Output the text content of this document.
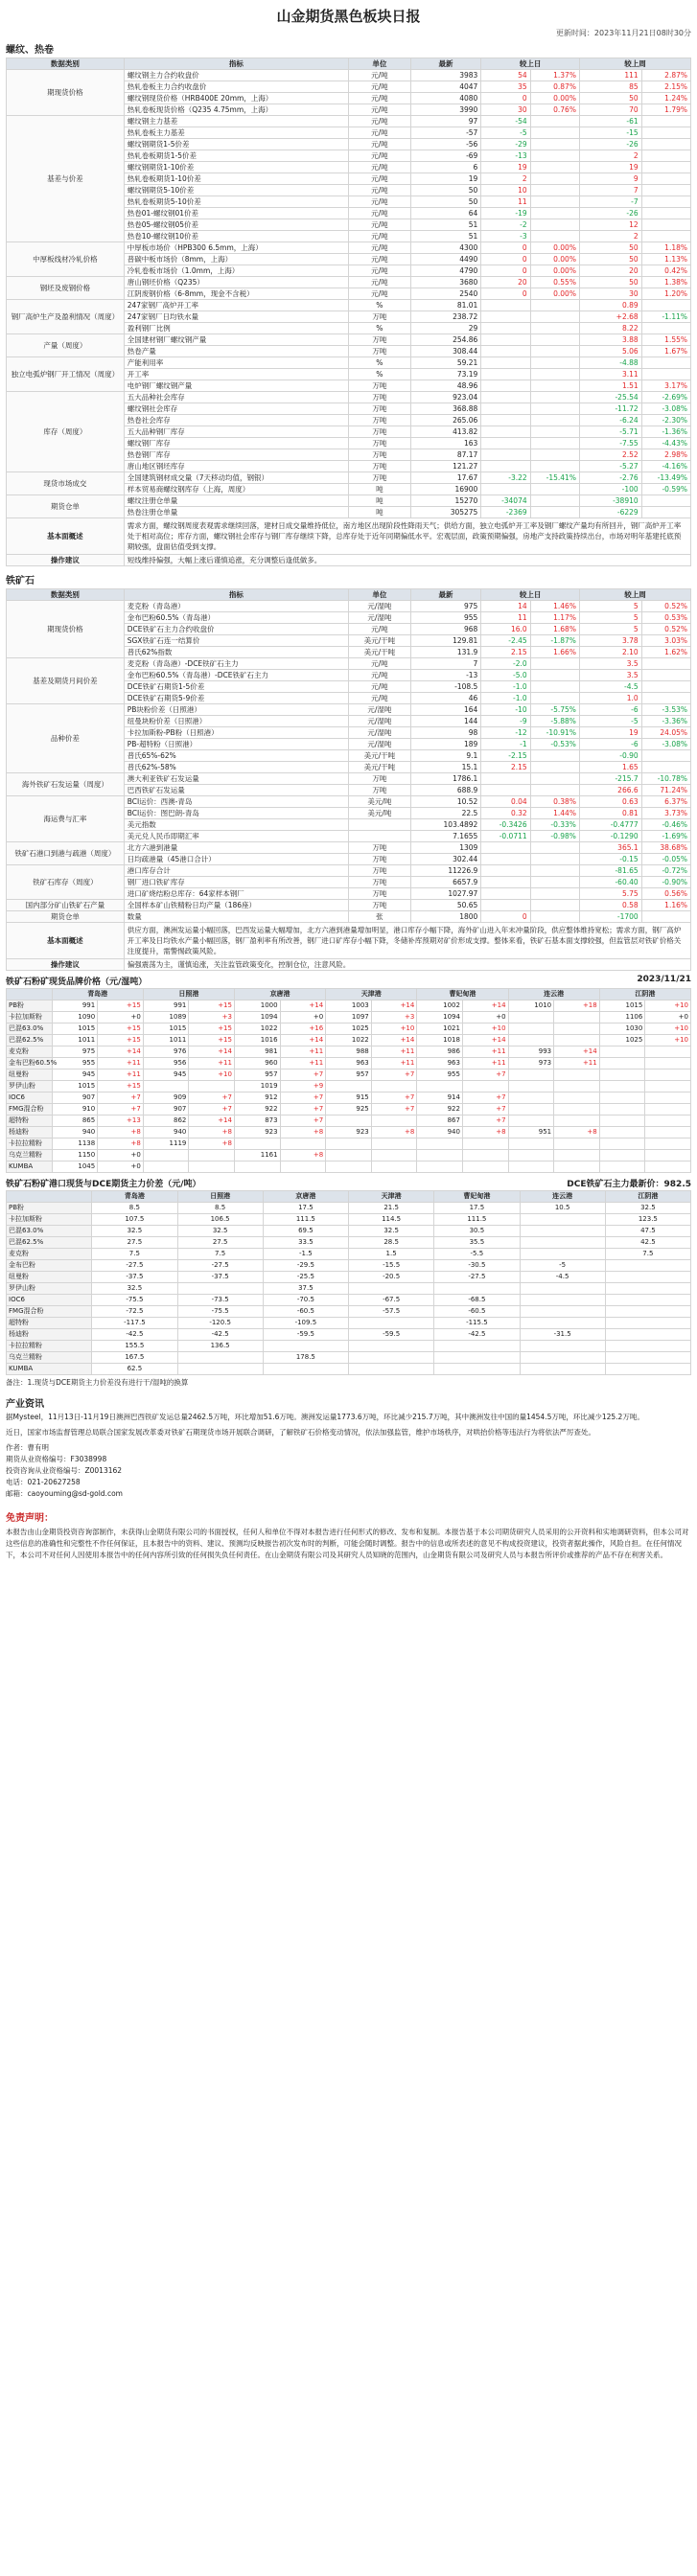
山金期货黑色板块日报
更新时间：2023年11月21日08时30分
螺纹、热卷
数据类别	指标	单位	最新	较上日		较上周	
期现货价格	螺纹钢主力合约收盘价	元/吨	3983	54	1.37%	111	2.87%
	热轧卷板主力合约收盘价	元/吨	4047	35	0.87%	85	2.15%
	螺纹钢现货价格（HRB400E 20mm，上海）	元/吨	4080	0	0.00%	50	1.24%
	热轧卷板现货价格（Q235 4.75mm，上海）	元/吨	3990	30	0.76%	70	1.79%
基差与价差	螺纹钢主力基差	元/吨	97	-54		-61	
	热轧卷板主力基差	元/吨	-57	-5		-15	
	螺纹钢期货1-5价差	元/吨	-56	-29		-26	
	热轧卷板期货1-5价差	元/吨	-69	-13		2	
	螺纹钢期货1-10价差	元/吨	6	19		19	
	热轧卷板期货1-10价差	元/吨	19	2		9	
	螺纹钢期货5-10价差	元/吨	50	10		7	
	热轧卷板期货5-10价差	元/吨	50	11		-7	
	热卷01-螺纹钢01价差	元/吨	64	-19		-26	
	热卷05-螺纹钢05价差	元/吨	51	-2		12	
	热卷10-螺纹钢10价差	元/吨	51	-3		2	
中厚板线材冷轧价格	中厚板市场价（HPB300 6.5mm，上海）	元/吨	4300	0	0.00%	50	1.18%
	普碳中板市场价（8mm，上海）	元/吨	4490	0	0.00%	50	1.13%
	冷轧卷板市场价（1.0mm，上海）	元/吨	4790	0	0.00%	20	0.42%
钢坯及废钢价格	唐山钢坯价格（Q235）	元/吨	3680	20	0.55%	50	1.38%
	江阴废钢价格（6-8mm，现金不含税）	元/吨	2540	0	0.00%	30	1.20%
钢厂高炉生产及盈利情况（周度）	247家钢厂高炉开工率	%	81.01			0.89	
	247家钢厂日均铁水量	万吨	238.72			+2.68	-1.11%
	盈利钢厂比例	%	29			8.22	
产量（周度）	全国建材钢厂螺纹钢产量	万吨	254.86			3.88	1.55%
	热卷产量	万吨	308.44			5.06	1.67%
独立电弧炉钢厂开工情况（周度）	产能利用率	%	59.21			-4.88	
	开工率	%	73.19			3.11	
	电炉钢厂螺纹钢产量	万吨	48.96			1.51	3.17%
库存（周度）	五大品种社会库存	万吨	923.04			-25.54	-2.69%
	螺纹钢社会库存	万吨	368.88			-11.72	-3.08%
	热卷社会库存	万吨	265.06			-6.24	-2.30%
	五大品种钢厂库存	万吨	413.82			-5.71	-1.36%
	螺纹钢厂库存	万吨	163			-7.55	-4.43%
	热卷钢厂库存	万吨	87.17			2.52	2.98%
	唐山地区钢坯库存	万吨	121.27			-5.27	-4.16%
现货市场成交	全国建筑钢材成交量（7天移动均值，钢银）	万吨	17.67	-3.22	-15.41%	-2.76	-13.49%
	样本贸易商螺纹钢库存（上海，周度）	吨	16900			-100	-0.59%
期货仓单	螺纹注册仓单量	吨	15270	-34074		-38910	
	热卷注册仓单量	吨	305275	-2369		-6229	
基本面概述	需求方面，螺纹钢周度表观需求继续回落，建材日成交量维持低位，南方地区出现阶段性降雨天气；供给方面，独立电弧炉开工率及钢厂螺纹产量均有所回升，钢厂高炉开工率处于相对高位；库存方面，螺纹钢社会库存与钢厂库存继续下降，总库存处于近年同期偏低水平。宏观层面，政策预期偏强，房地产支持政策持续出台，市场对明年基建托底预期较强，盘面估值受到支撑。						
操作建议	短线维持偏强，大幅上涨后谨慎追涨，充分调整后逢低做多。						
铁矿石
数据类别	指标	单位	最新	较上日		较上周	
期现货价格	麦克粉（青岛港）	元/湿吨	975	14	1.46%	5	0.52%
	金布巴粉60.5%（青岛港）	元/湿吨	955	11	1.17%	5	0.53%
	DCE铁矿石主力合约收盘价	元/吨	968	16.0	1.68%	5	0.52%
	SGX铁矿石连一结算价	美元/干吨	129.81	-2.45	-1.87%	3.78	3.03%
	普氏62%指数	美元/干吨	131.9	2.15	1.66%	2.10	1.62%
基差及期货月间价差	麦克粉（青岛港）-DCE铁矿石主力	元/吨	7	-2.0		3.5	
	金布巴粉60.5%（青岛港）-DCE铁矿石主力	元/吨	-13	-5.0		3.5	
	DCE铁矿石期货1-5价差	元/吨	-108.5	-1.0		-4.5	
	DCE铁矿石期货5-9价差	元/吨	46	-1.0		1.0	
品种价差	PB块粉价差（日照港）	元/湿吨	164	-10	-5.75%	-6	-3.53%
	纽曼块粉价差（日照港）	元/湿吨	144	-9	-5.88%	-5	-3.36%
	卡拉加斯粉-PB粉（日照港）	元/湿吨	98	-12	-10.91%	19	24.05%
	PB-超特粉（日照港）	元/湿吨	189	-1	-0.53%	-6	-3.08%
	普氏65%-62%	美元/干吨	9.1	-2.15		-0.90	
	普氏62%-58%	美元/干吨	15.1	2.15		1.65	
海外铁矿石发运量（周度）	澳大利亚铁矿石发运量	万吨	1786.1			-215.7	-10.78%
	巴西铁矿石发运量	万吨	688.9			266.6	71.24%
海运费与汇率	BCI运价：西澳-青岛	美元/吨	10.52	0.04	0.38%	0.63	6.37%
	BCI运价：图巴朗-青岛	美元/吨	22.5	0.32	1.44%	0.81	3.73%
	美元指数		103.4892	-0.3426	-0.33%	-0.4777	-0.46%
	美元兑人民币即期汇率		7.1655	-0.0711	-0.98%	-0.1290	-1.69%
铁矿石港口到港与疏港（周度）	北方六港到港量	万吨	1309			365.1	38.68%
	日均疏港量（45港口合计）	万吨	302.44			-0.15	-0.05%
铁矿石库存（周度）	港口库存合计	万吨	11226.9			-81.65	-0.72%
	钢厂进口铁矿库存	万吨	6657.9			-60.40	-0.90%
	进口矿烧结粉总库存：64家样本钢厂	万吨	1027.97			5.75	0.56%
国内部分矿山铁矿石产量	全国样本矿山铁精粉日均产量（186座）	万吨	50.65			0.58	1.16%
期货仓单	数量	张	1800	0		-1700	
基本面概述	供应方面，澳洲发运量小幅回落，巴西发运量大幅增加，北方六港到港量增加明显，港口库存小幅下降，海外矿山进入年末冲量阶段，供应整体维持宽松；需求方面，钢厂高炉开工率及日均铁水产量小幅回落，钢厂盈利率有所改善，钢厂进口矿库存小幅下降，冬储补库预期对矿价形成支撑。整体来看，铁矿石基本面支撑较强，但监管层对铁矿价格关注度提升，需警惕政策风险。						
操作建议	偏强震荡为主，谨慎追涨，关注监管政策变化，控制仓位，注意风险。						
铁矿石粉矿现货品牌价格（元/湿吨）	2023/11/21
	青岛港		日照港		京唐港		天津港		曹妃甸港		连云港		江阴港	
PB粉	991	+15	991	+15	1000	+14	1003	+14	1002	+14	1010	+18	1015	+10
卡拉加斯粉	1090	+0	1089	+3	1094	+0	1097	+3	1094	+0			1106	+0
巴混63.0%	1015	+15	1015	+15	1022	+16	1025	+10	1021	+10			1030	+10
巴混62.5%	1011	+15	1011	+15	1016	+14	1022	+14	1018	+14			1025	+10
麦克粉	975	+14	976	+14	981	+11	988	+11	986	+11	993	+14		
金布巴粉60.5%	955	+11	956	+11	960	+11	963	+11	963	+11	973	+11		
纽曼粉	945	+11	945	+10	957	+7	957	+7	955	+7				
罗伊山粉	1015	+15			1019	+9								
IOC6	907	+7	909	+7	912	+7	915	+7	914	+7				
FMG混合粉	910	+7	907	+7	922	+7	925	+7	922	+7				
超特粉	865	+13	862	+14	873	+7			867	+7				
杨迪粉	940	+8	940	+8	923	+8	923	+8	940	+8	951	+8		
卡拉拉精粉	1138	+8	1119	+8										
乌克兰精粉	1150	+0			1161	+8								
KUMBA	1045	+0												
铁矿石粉矿港口现货与DCE期货主力价差（元/吨）	DCE铁矿石主力最新价：982.5
	青岛港	日照港	京唐港	天津港	曹妃甸港	连云港	江阴港
PB粉	8.5	8.5	17.5	21.5	17.5	10.5	32.5
卡拉加斯粉	107.5	106.5	111.5	114.5	111.5		123.5
巴混63.0%	32.5	32.5	69.5	32.5	30.5		47.5
巴混62.5%	27.5	27.5	33.5	28.5	35.5		42.5
麦克粉	7.5	7.5	-1.5	1.5	-5.5		7.5
金布巴粉	-27.5	-27.5	-29.5	-15.5	-30.5	-5	
纽曼粉	-37.5	-37.5	-25.5	-20.5	-27.5	-4.5	
罗伊山粉	32.5		37.5				
IOC6	-75.5	-73.5	-70.5	-67.5	-68.5		
FMG混合粉	-72.5	-75.5	-60.5	-57.5	-60.5		
超特粉	-117.5	-120.5	-109.5		-115.5		
杨迪粉	-42.5	-42.5	-59.5	-59.5	-42.5	-31.5	
卡拉拉精粉	155.5	136.5					
乌克兰精粉	167.5		178.5				
KUMBA	62.5						
备注：1.现货与DCE期货主力价差没有进行干/湿吨的换算
产业资讯
据Mysteel，11月13日-11月19日澳洲巴西铁矿发运总量2462.5万吨，环比增加51.6万吨。澳洲发运量1773.6万吨，环比减少215.7万吨，其中澳洲发往中国的量1454.5万吨，环比减少125.2万吨。
近日，国家市场监督管理总局联合国家发展改革委对铁矿石期现货市场开展联合调研，了解铁矿石价格变动情况，依法加强监管，维护市场秩序，对哄抬价格等违法行为将依法严厉查处。
作者：曹有明
期货从业资格编号：F3038998
投资咨询从业资格编号：Z0013162
电话：021-20627258
邮箱：caoyouming@sd-gold.com
免责声明：
本报告由山金期货投资咨询部制作，未获得山金期货有限公司的书面授权，任何人和单位不得对本报告进行任何形式的修改、发布和复制。本报告基于本公司期货研究人员采用的公开资料和实地调研资料，但本公司对这些信息的准确性和完整性不作任何保证，且本报告中的资料、建议、预测均反映报告初次发布时的判断，可能会随时调整。报告中的信息或所表述的意见不构成投资建议，投资者据此操作，风险自担。在任何情况下，本公司不对任何人因使用本报告中的任何内容所引致的任何损失负任何责任。在山金期货有限公司及其研究人员知晓的范围内，山金期货有限公司及研究人员与本报告所评价或推荐的产品不存在利害关系。
